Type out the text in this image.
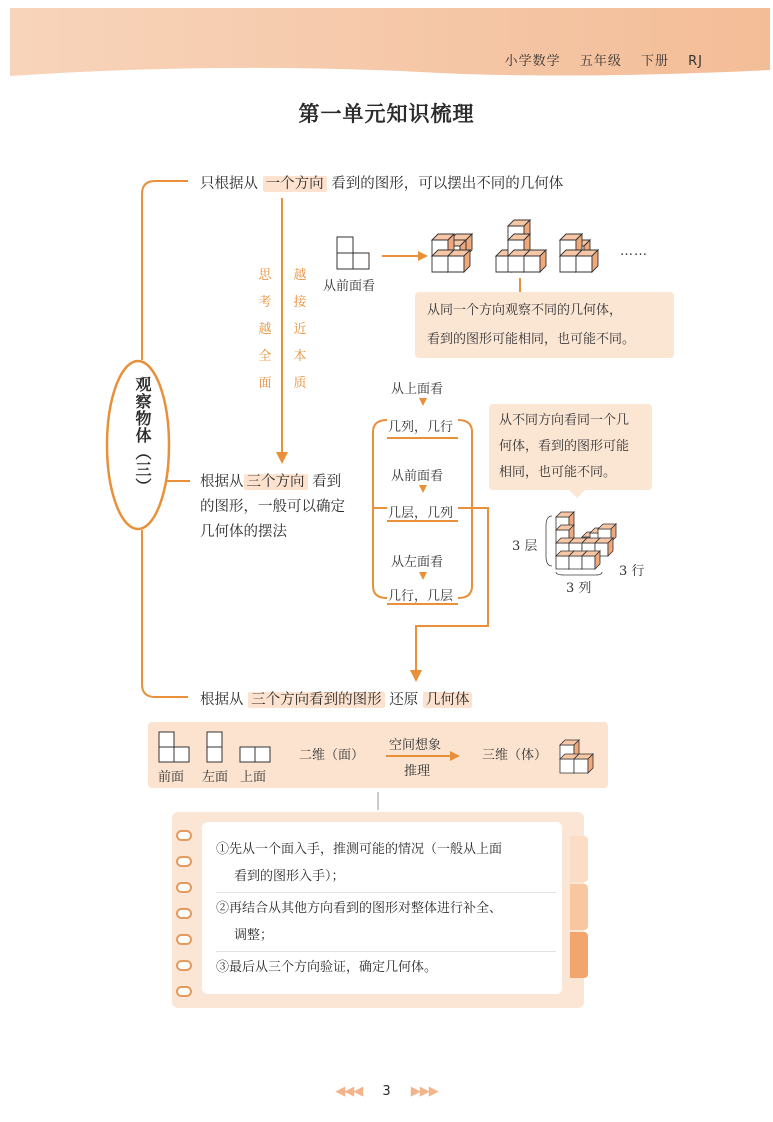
小学数学 五年级 下册 RJ
第一单元知识梳理
观察物体（三）
只根据从 一个方向 看到的图形，可以摆出不同的几何体
从前面看
……
从同一个方向观察不同的几何体，
看到的图形可能相同，也可能不同。
思
考
越
全
面
越
接
近
本
质
根据从 三个方向 看到
的图形，一般可以确定
几何体的摆法
从上面看
几列，几行
从前面看
几层，几列
从左面看
几行，几层
从不同方向看同一个几
何体，看到的图形可能
相同，也可能不同。
3 层
3 行
3 列
根据从 三个方向看到的图形 还原 几何体
前面 左面 上面
二维（面）
空间想象
推理
三维（体）
①先从一个面入手，推测可能的情况（一般从上面
看到的图形入手）；
②再结合从其他方向看到的图形对整体进行补全、
调整；
③最后从三个方向验证，确定几何体。
◀◀◀ 3 ▶▶▶
